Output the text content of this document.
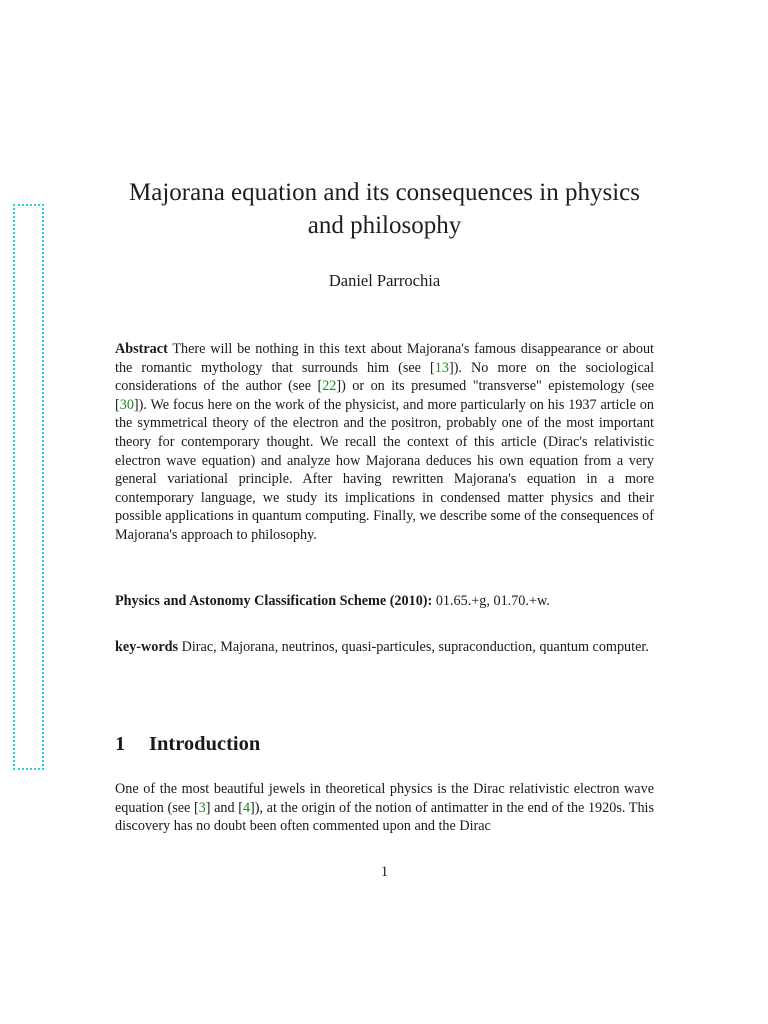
Majorana equation and its consequences in physics
and philosophy
Daniel Parrochia
Abstract There will be nothing in this text about Majorana's famous disappearance or about the romantic mythology that surrounds him (see [13]). No more on the sociological considerations of the author (see [22]) or on its presumed "transverse" epistemology (see [30]). We focus here on the work of the physicist, and more particularly on his 1937 article on the symmetrical theory of the electron and the positron, probably one of the most important theory for contemporary thought. We recall the context of this article (Dirac's relativistic electron wave equation) and analyze how Majorana deduces his own equation from a very general variational principle. After having rewritten Majorana's equation in a more contemporary language, we study its implications in condensed matter physics and their possible applications in quantum computing. Finally, we describe some of the consequences of Majorana's approach to philosophy.
Physics and Astonomy Classification Scheme (2010): 01.65.+g, 01.70.+w.
key-words Dirac, Majorana, neutrinos, quasi-particules, supraconduction, quantum computer.
1 Introduction
One of the most beautiful jewels in theoretical physics is the Dirac relativistic electron wave equation (see [3] and [4]), at the origin of the notion of antimatter in the end of the 1920s. This discovery has no doubt been often commented upon and the Dirac
1
